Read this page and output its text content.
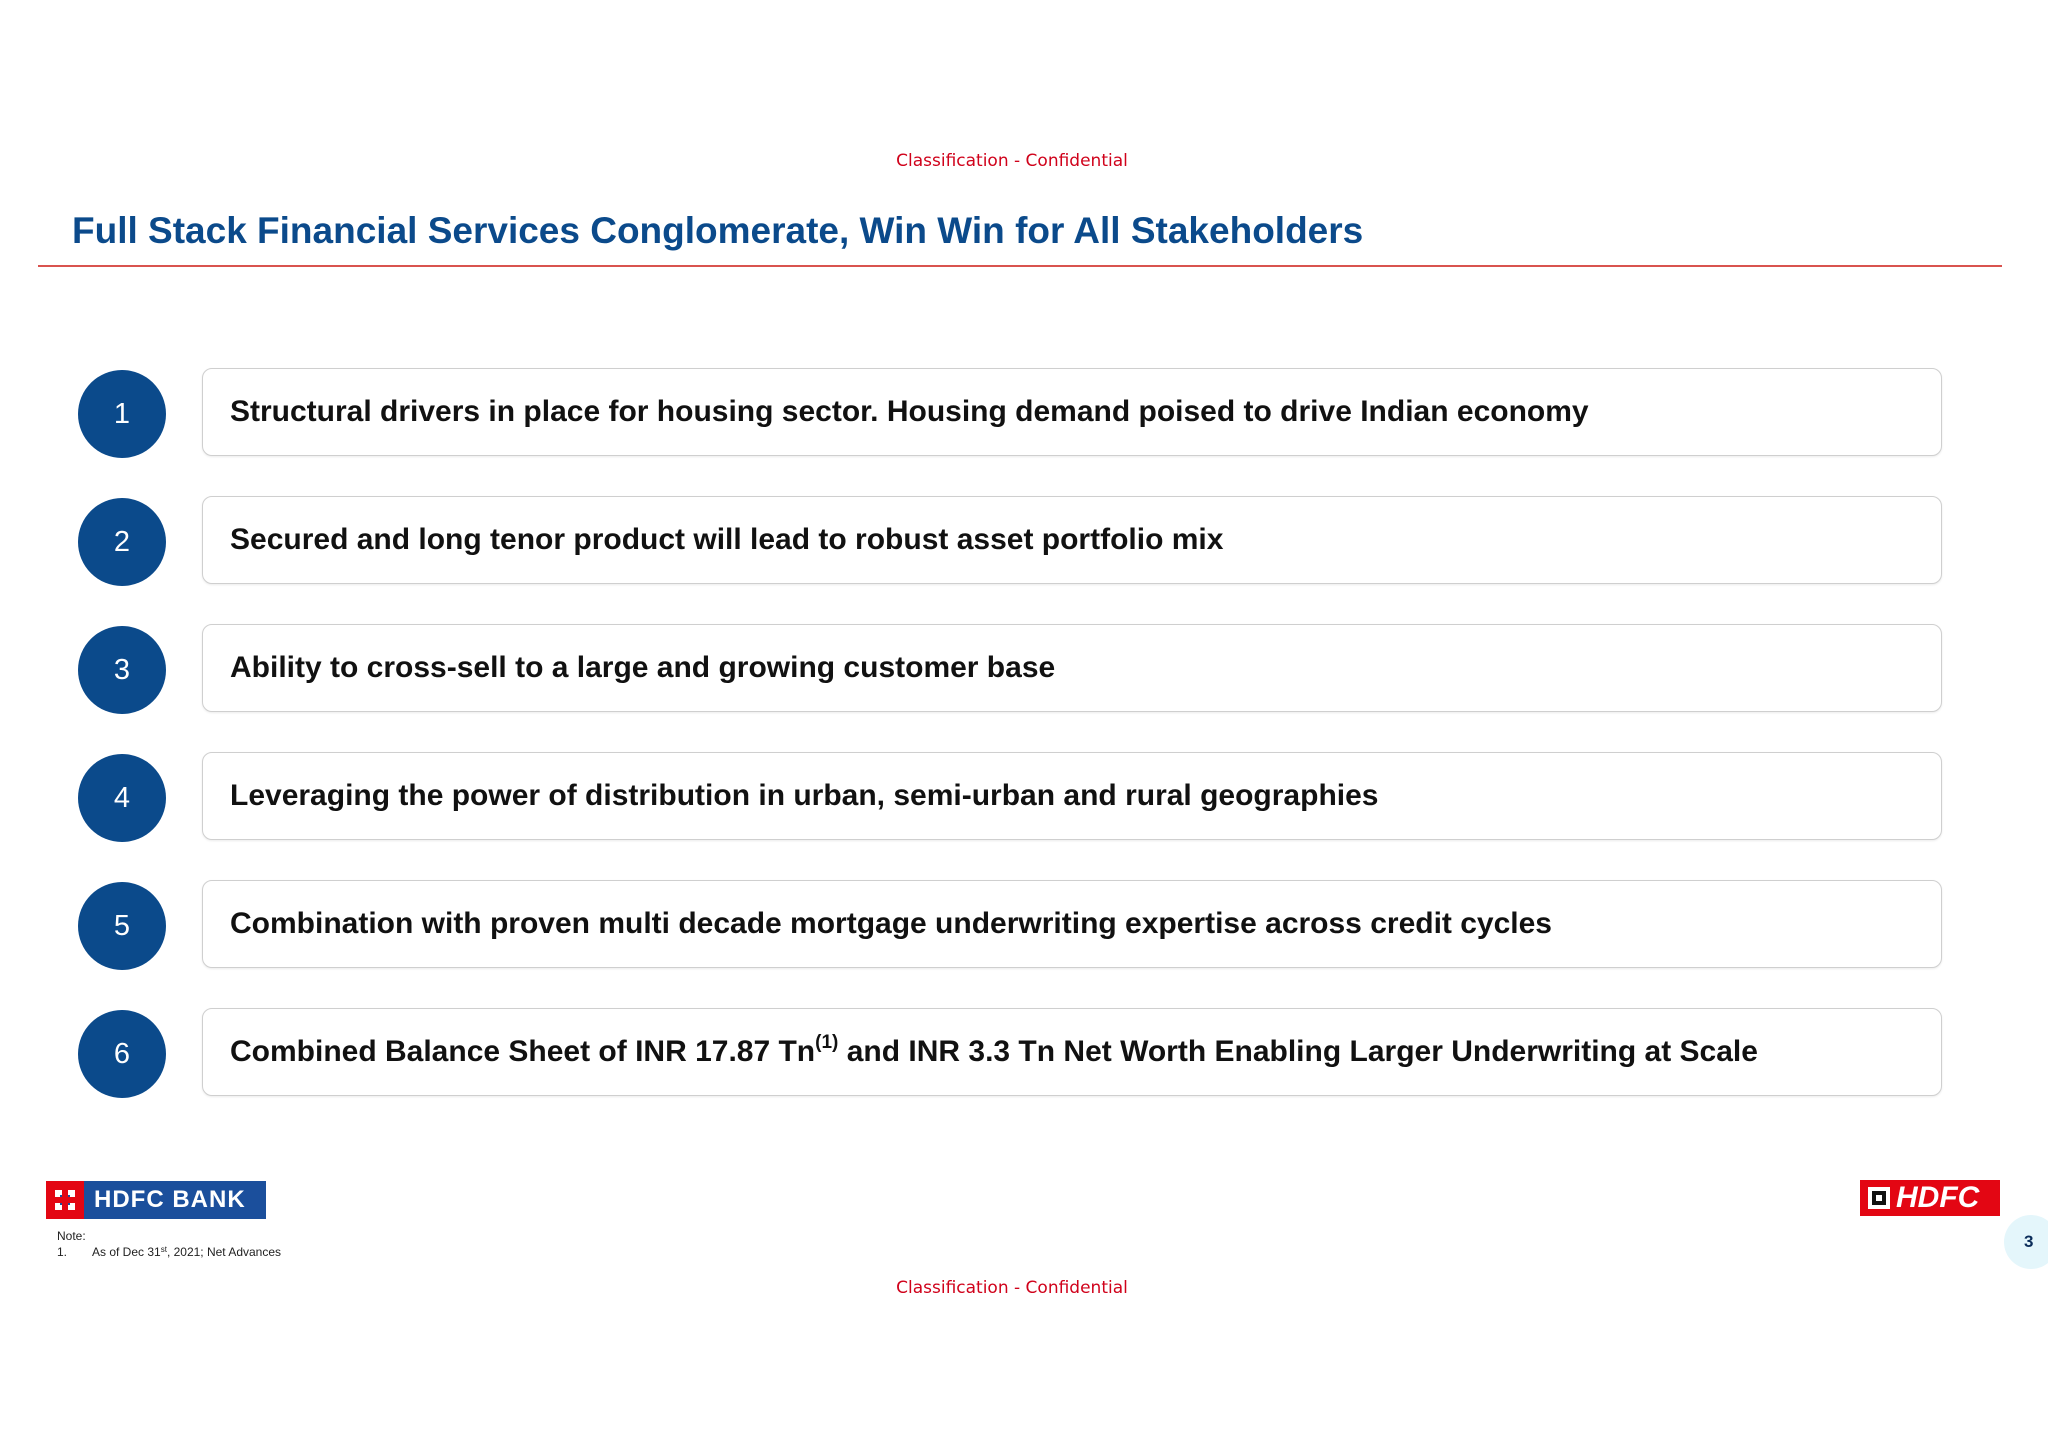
Classification - Confidential
Full Stack Financial Services Conglomerate, Win Win for All Stakeholders
1	Structural drivers in place for housing sector. Housing demand poised to drive Indian economy
2	Secured and long tenor product will lead to robust asset portfolio mix
3	Ability to cross-sell to a large and growing customer base
4	Leveraging the power of distribution in urban, semi-urban and rural geographies
5	Combination with proven multi decade mortgage underwriting expertise across credit cycles
6	Combined Balance Sheet of INR 17.87 Tn$^{(1)}$ and INR 3.3 Tn Net Worth Enabling Larger Underwriting at Scale
HDFC BANK	HDFC
Note:
1.	As of Dec 31st, 2021; Net Advances
3
Classification - Confidential
